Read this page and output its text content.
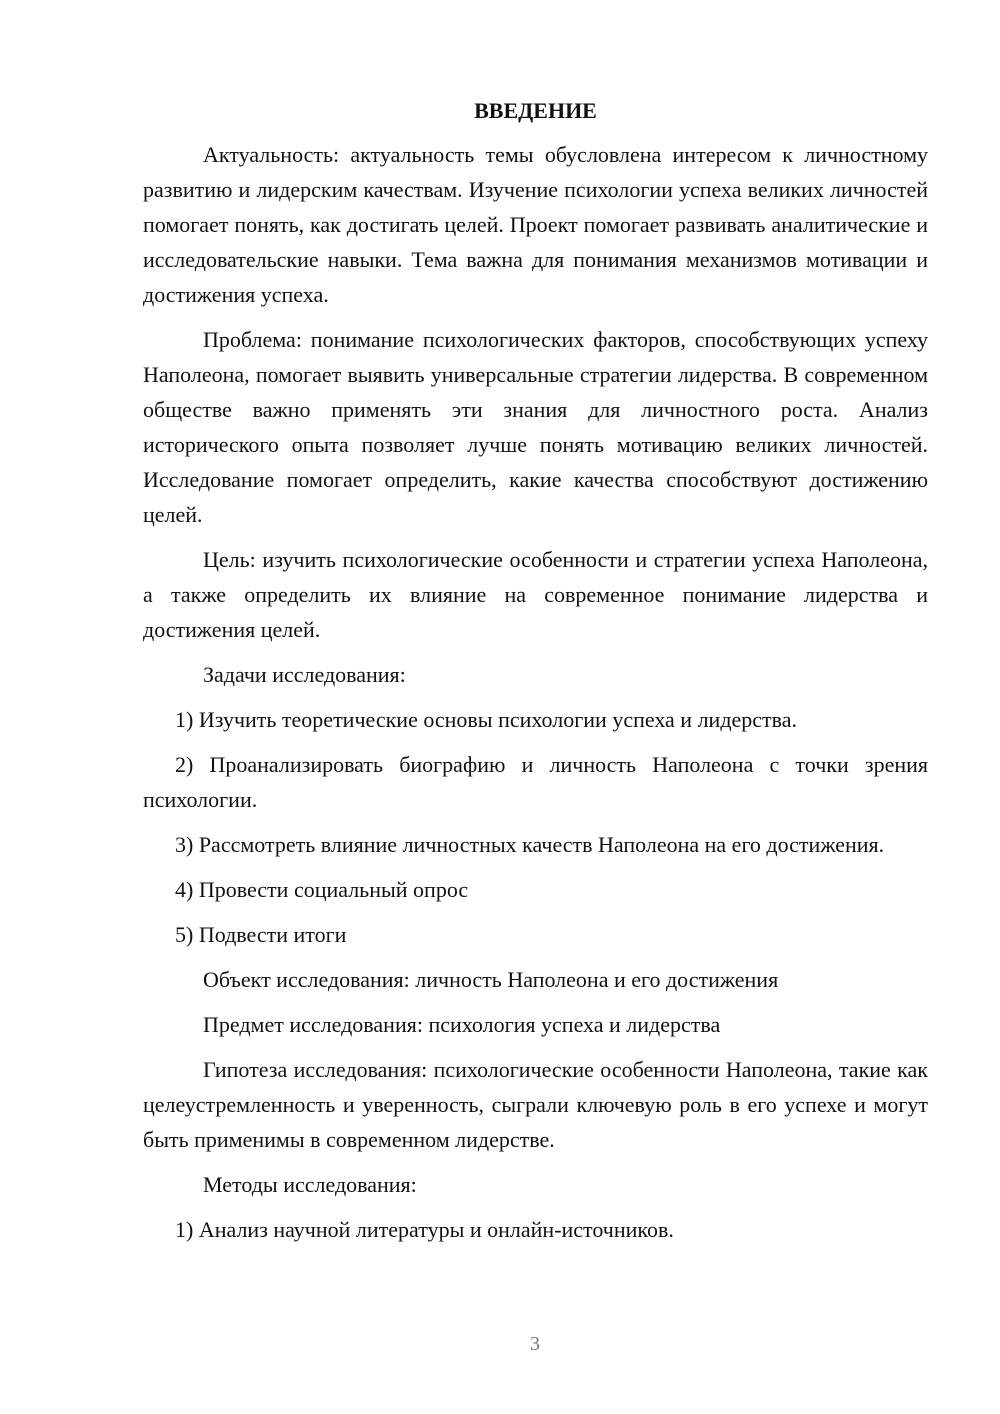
ВВЕДЕНИЕ

Актуальность: актуальность темы обусловлена интересом к личностному развитию и лидерским качествам. Изучение психологии успеха великих личностей помогает понять, как достигать целей. Проект помогает развивать аналитические и исследовательские навыки. Тема важна для понимания механизмов мотивации и достижения успеха.

Проблема: понимание психологических факторов, способствующих успеху Наполеона, помогает выявить универсальные стратегии лидерства. В современном обществе важно применять эти знания для личностного роста. Анализ исторического опыта позволяет лучше понять мотивацию великих личностей. Исследование помогает определить, какие качества способствуют достижению целей.

Цель: изучить психологические особенности и стратегии успеха Наполеона, а также определить их влияние на современное понимание лидерства и достижения целей.

Задачи исследования:

1) Изучить теоретические основы психологии успеха и лидерства.

2) Проанализировать биографию и личность Наполеона с точки зрения психологии.

3) Рассмотреть влияние личностных качеств Наполеона на его достижения.

4) Провести социальный опрос

5) Подвести итоги

Объект исследования: личность Наполеона и его достижения

Предмет исследования: психология успеха и лидерства

Гипотеза исследования: психологические особенности Наполеона, такие как целеустремленность и уверенность, сыграли ключевую роль в его успехе и могут быть применимы в современном лидерстве.

Методы исследования:

1) Анализ научной литературы и онлайн-источников.

3
